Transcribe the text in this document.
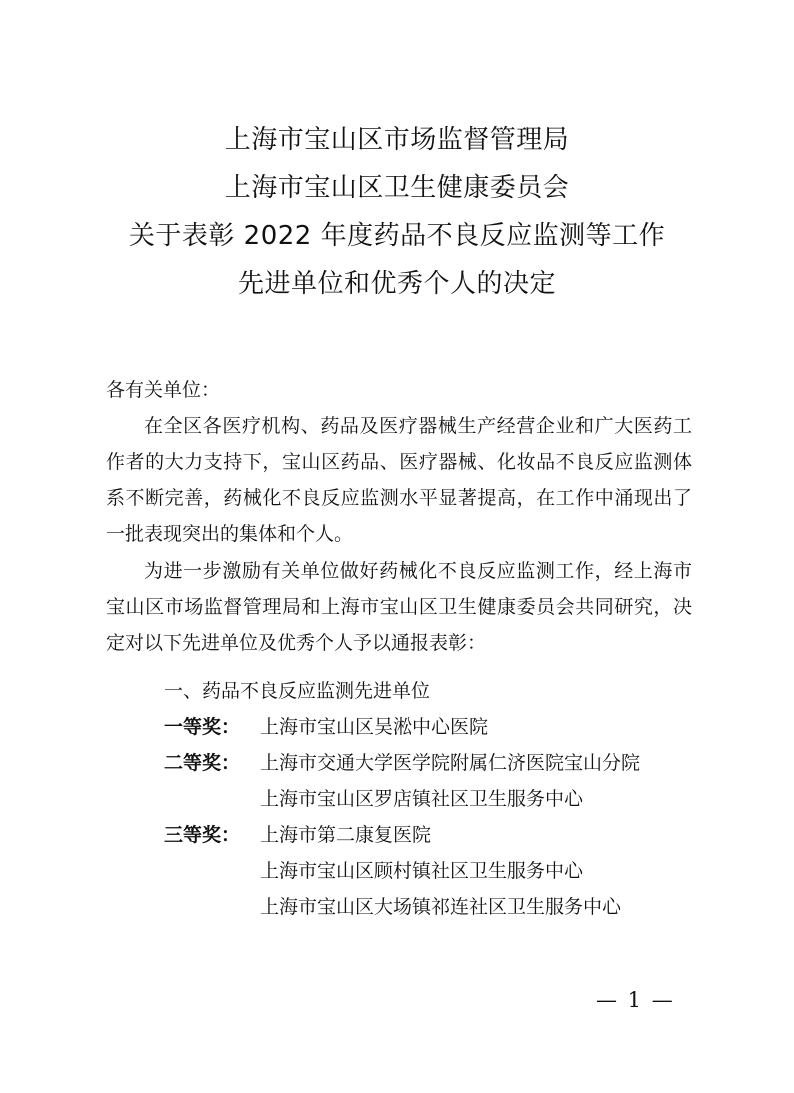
上海市宝山区市场监督管理局
上海市宝山区卫生健康委员会
关于表彰 2022 年度药品不良反应监测等工作
先进单位和优秀个人的决定
各有关单位：
在全区各医疗机构、药品及医疗器械生产经营企业和广大医药工作者的大力支持下，宝山区药品、医疗器械、化妆品不良反应监测体系不断完善，药械化不良反应监测水平显著提高，在工作中涌现出了一批表现突出的集体和个人。
为进一步激励有关单位做好药械化不良反应监测工作，经上海市宝山区市场监督管理局和上海市宝山区卫生健康委员会共同研究，决定对以下先进单位及优秀个人予以通报表彰：
一、药品不良反应监测先进单位
一等奖： 上海市宝山区吴淞中心医院
二等奖： 上海市交通大学医学院附属仁济医院宝山分院
上海市宝山区罗店镇社区卫生服务中心
三等奖： 上海市第二康复医院
上海市宝山区顾村镇社区卫生服务中心
上海市宝山区大场镇祁连社区卫生服务中心
— 1 —
